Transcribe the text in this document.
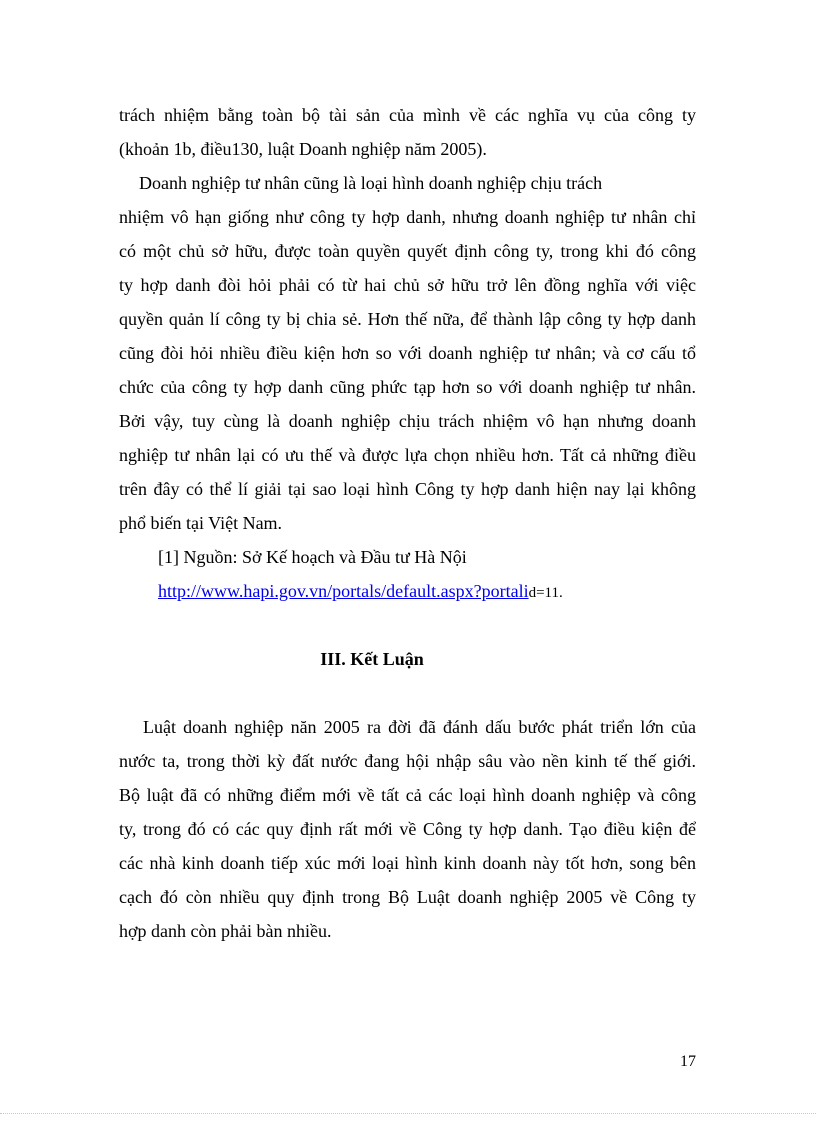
trách nhiệm bằng toàn bộ tài sản của mình về các nghĩa vụ của công ty
(khoản 1b, điều130, luật Doanh nghiệp năm 2005).
Doanh nghiệp tư nhân cũng là loại hình doanh nghiệp chịu trách
nhiệm vô hạn giống như công ty hợp danh, nhưng doanh nghiệp tư nhân chỉ
có một chủ sở hữu, được toàn quyền quyết định công ty, trong khi đó công
ty hợp danh đòi hỏi phải có từ hai chủ sở hữu trở lên đồng nghĩa với việc
quyền quản lí công ty bị chia sẻ. Hơn thế nữa, để thành lập công ty hợp danh
cũng đòi hỏi nhiều điều kiện hơn so với doanh nghiệp tư nhân; và cơ cấu tổ
chức của công ty hợp danh cũng phức tạp hơn so với doanh nghiệp tư nhân.
Bởi vậy, tuy cùng là doanh nghiệp chịu trách nhiệm vô hạn nhưng doanh
nghiệp tư nhân lại có ưu thế và được lựa chọn nhiều hơn. Tất cả những điều
trên đây có thể lí giải tại sao loại hình Công ty hợp danh hiện nay lại không
phổ biến tại Việt Nam.
[1] Nguồn: Sở Kế hoạch và Đầu tư Hà Nội
http://www.hapi.gov.vn/portals/default.aspx?portalid=11.
III. Kết Luận
Luật doanh nghiệp năn 2005 ra đời đã đánh dấu bước phát triển lớn của
nước ta, trong thời kỳ đất nước đang hội nhập sâu vào nền kinh tế thế giới.
Bộ luật đã có những điểm mới về tất cả các loại hình doanh nghiệp và công
ty, trong đó có các quy định rất mới về Công ty hợp danh. Tạo điều kiện để
các nhà kinh doanh tiếp xúc mới loại hình kinh doanh này tốt hơn, song bên
cạch đó còn nhiều quy định trong Bộ Luật doanh nghiệp 2005 về Công ty
hợp danh còn phải bàn nhiều.
17
